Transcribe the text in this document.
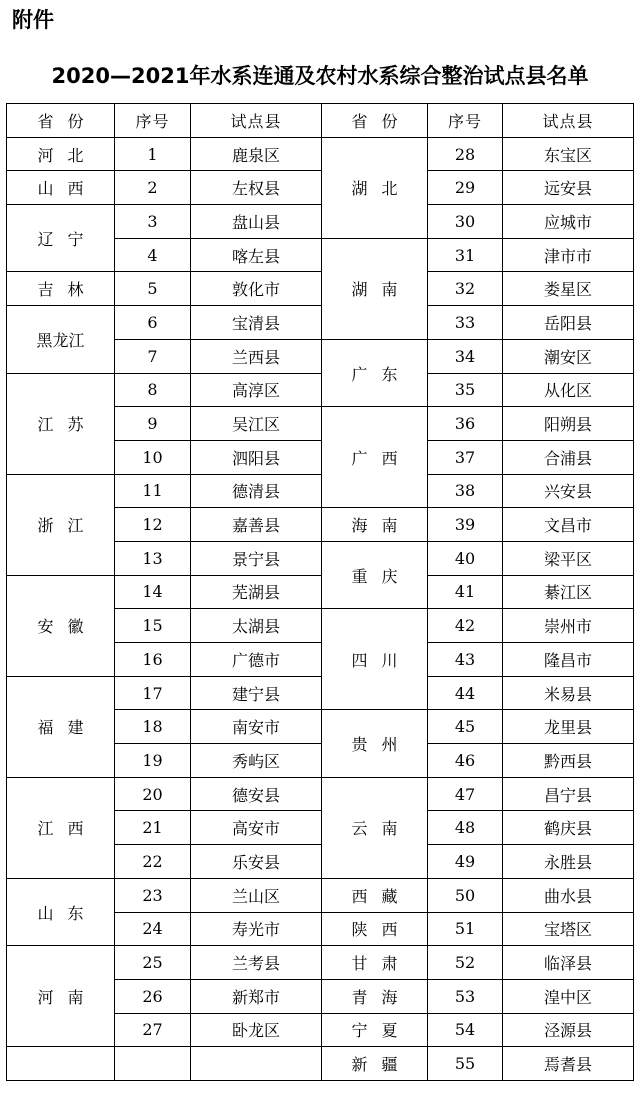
附件
2020—2021年水系连通及农村水系综合整治试点县名单
省份	序号	试点县	省份	序号	试点县
河北	1	鹿泉区	湖北	28	东宝区
山西	2	左权县		29	远安县
辽宁	3	盘山县		30	应城市
	4	喀左县	湖南	31	津市市
吉林	5	敦化市		32	娄星区
黑龙江	6	宝清县		33	岳阳县
	7	兰西县	广东	34	潮安区
江苏	8	高淳区		35	从化区
	9	吴江区	广西	36	阳朔县
	10	泗阳县		37	合浦县
浙江	11	德清县		38	兴安县
	12	嘉善县	海南	39	文昌市
	13	景宁县	重庆	40	梁平区
安徽	14	芜湖县		41	綦江区
	15	太湖县	四川	42	崇州市
	16	广德市		43	隆昌市
福建	17	建宁县		44	米易县
	18	南安市	贵州	45	龙里县
	19	秀屿区		46	黔西县
江西	20	德安县	云南	47	昌宁县
	21	高安市		48	鹤庆县
	22	乐安县		49	永胜县
山东	23	兰山区	西藏	50	曲水县
	24	寿光市	陕西	51	宝塔区
河南	25	兰考县	甘肃	52	临泽县
	26	新郑市	青海	53	湟中区
	27	卧龙区	宁夏	54	泾源县
			新疆	55	焉耆县
